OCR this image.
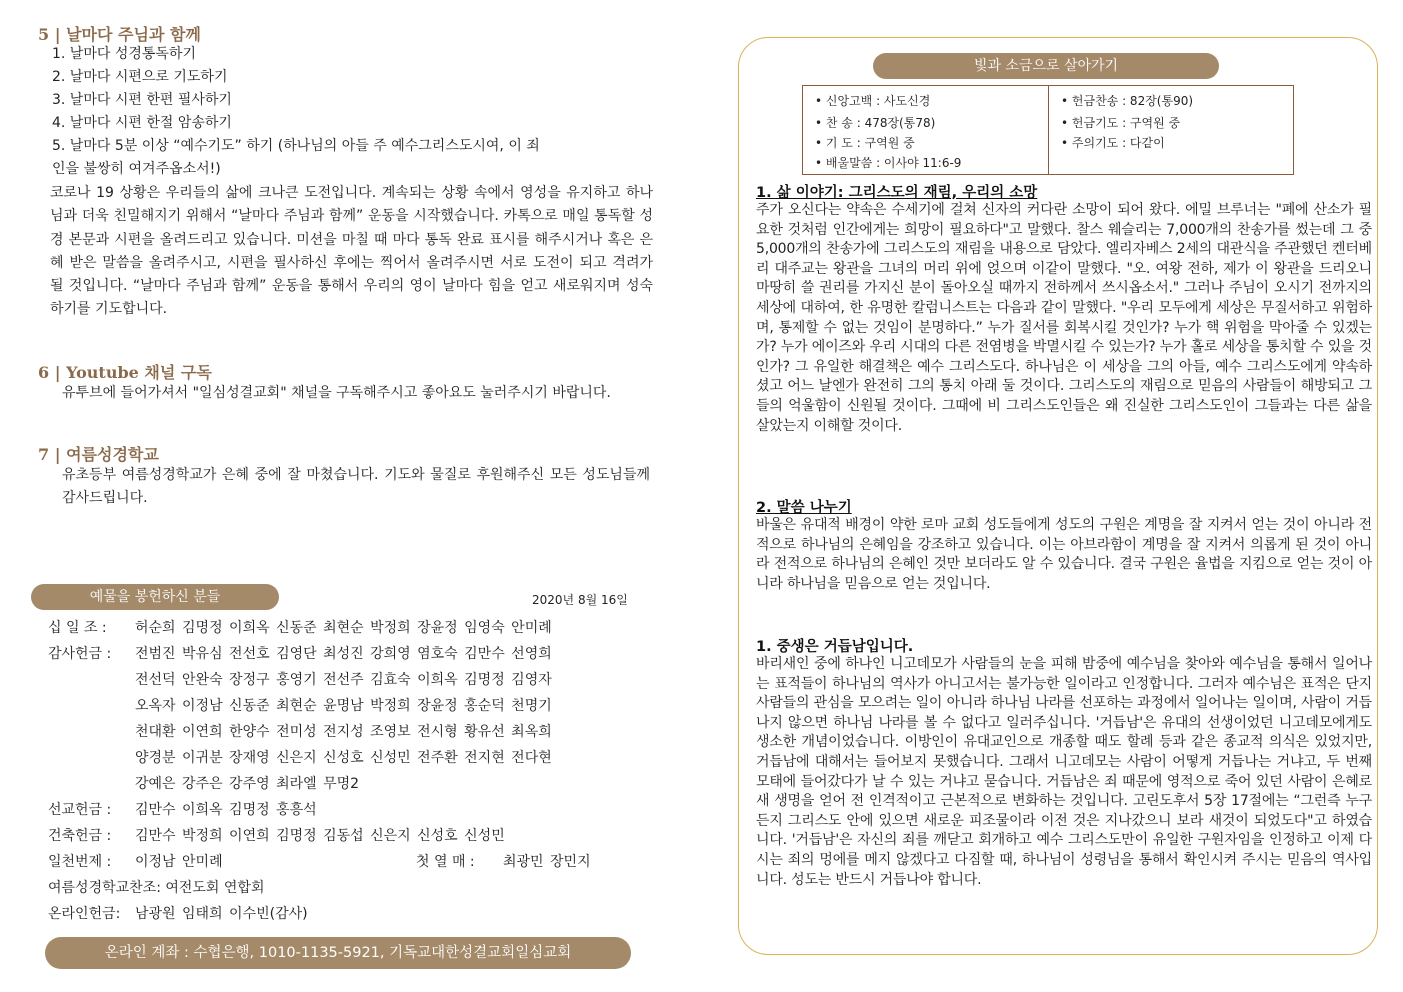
5 | 날마다 주님과 함께
1. 날마다 성경통독하기
2. 날마다 시편으로 기도하기
3. 날마다 시편 한편 필사하기
4. 날마다 시편 한절 암송하기
5. 날마다 5분 이상 “예수기도” 하기 (하나님의 아들 주 예수그리스도시여, 이 죄
인을 불쌍히 여겨주옵소서!)
코로나 19 상황은 우리들의 삶에 크나큰 도전입니다. 계속되는 상황 속에서 영성을 유지하고 하나님과 더욱 친밀해지기 위해서 “날마다 주님과 함께” 운동을 시작했습니다. 카톡으로 매일 통독할 성경 본문과 시편을 올려드리고 있습니다. 미션을 마칠 때 마다 통독 완료 표시를 해주시거나 혹은 은혜 받은 말씀을 올려주시고, 시편을 필사하신 후에는 찍어서 올려주시면 서로 도전이 되고 격려가 될 것입니다. “날마다 주님과 함께” 운동을 통해서 우리의 영이 날마다 힘을 얻고 새로워지며 성숙하기를 기도합니다.
6 | Youtube 채널 구독
유투브에 들어가셔서 "일심성결교회" 채널을 구독해주시고 좋아요도 눌러주시기 바랍니다.
7 | 여름성경학교
유초등부 여름성경학교가 은혜 중에 잘 마쳤습니다. 기도와 물질로 후원해주신 모든 성도님들께 감사드립니다.
예물을 봉헌하신 분들	2020년 8월 16일
십 일 조 : 허순희 김명정 이희옥 신동준 최현순 박정희 장윤정 임영숙 안미례
감사헌금 : 전범진 박유심 전선호 김영단 최성진 강희영 염호숙 김만수 선영희
전선덕 안완숙 장정구 홍영기 전선주 김효숙 이희옥 김명정 김영자
오옥자 이정남 신동준 최현순 윤명남 박정희 장윤정 홍순덕 천명기
천대환 이연희 한양수 전미성 전지성 조영보 전시형 황유선 최옥희
양경분 이귀분 장재영 신은지 신성호 신성민 전주환 전지현 전다현
강예은 강주은 강주영 최라엘 무명2
선교헌금 : 김만수 이희옥 김명정 홍흥석
건축헌금 : 김만수 박정희 이연희 김명정 김동섭 신은지 신성호 신성민
일천번제 : 이정남 안미례	첫 열 매 : 최광민 장민지
여름성경학교찬조: 여전도회 연합회
온라인헌금: 남광원 임태희 이수빈(감사)
온라인 계좌 : 수협은행, 1010-1135-5921, 기독교대한성결교회일심교회
빛과 소금으로 살아가기
• 신앙고백 : 사도신경
• 찬 송 : 478장(통78)
• 기 도 : 구역원 중
• 배울말씀 : 이사야 11:6-9
• 헌금찬송 : 82장(통90)
• 헌금기도 : 구역원 중
• 주의기도 : 다같이
1. 삶 이야기: 그리스도의 재림, 우리의 소망
주가 오신다는 약속은 수세기에 걸쳐 신자의 커다란 소망이 되어 왔다. 에밀 브루너는 "폐에 산소가 필요한 것처럼 인간에게는 희망이 필요하다"고 말했다. 찰스 웨슬리는 7,000개의 찬송가를 썼는데 그 중 5,000개의 찬송가에 그리스도의 재림을 내용으로 담았다. 엘리자베스 2세의 대관식을 주관했던 켄터베리 대주교는 왕관을 그녀의 머리 위에 얹으며 이같이 말했다. "오. 여왕 전하, 제가 이 왕관을 드리오니 마땅히 쓸 권리를 가지신 분이 돌아오실 때까지 전하께서 쓰시옵소서." 그러나 주님이 오시기 전까지의 세상에 대하여, 한 유명한 칼럼니스트는 다음과 같이 말했다. "우리 모두에게 세상은 무질서하고 위험하며, 통제할 수 없는 것임이 분명하다.” 누가 질서를 회복시킬 것인가? 누가 핵 위험을 막아줄 수 있겠는가? 누가 에이즈와 우리 시대의 다른 전염병을 박멸시킬 수 있는가? 누가 홀로 세상을 통치할 수 있을 것인가? 그 유일한 해결책은 예수 그리스도다. 하나님은 이 세상을 그의 아들, 예수 그리스도에게 약속하셨고 어느 날엔가 완전히 그의 통치 아래 둘 것이다. 그리스도의 재림으로 믿음의 사람들이 해방되고 그들의 억울함이 신원될 것이다. 그때에 비 그리스도인들은 왜 진실한 그리스도인이 그들과는 다른 삶을 살았는지 이해할 것이다.
2. 말씀 나누기
바울은 유대적 배경이 약한 로마 교회 성도들에게 성도의 구원은 계명을 잘 지켜서 얻는 것이 아니라 전적으로 하나님의 은혜임을 강조하고 있습니다. 이는 아브라함이 계명을 잘 지켜서 의롭게 된 것이 아니라 전적으로 하나님의 은혜인 것만 보더라도 알 수 있습니다. 결국 구원은 율법을 지킴으로 얻는 것이 아니라 하나님을 믿음으로 얻는 것입니다.
1. 중생은 거듭남입니다.
바리새인 중에 하나인 니고데모가 사람들의 눈을 피해 밤중에 예수님을 찾아와 예수님을 통해서 일어나는 표적들이 하나님의 역사가 아니고서는 불가능한 일이라고 인정합니다. 그러자 예수님은 표적은 단지 사람들의 관심을 모으려는 일이 아니라 하나님 나라를 선포하는 과정에서 일어나는 일이며, 사람이 거듭나지 않으면 하나님 나라를 볼 수 없다고 일러주십니다. '거듭남'은 유대의 선생이었던 니고데모에게도 생소한 개념이었습니다. 이방인이 유대교인으로 개종할 때도 할례 등과 같은 종교적 의식은 있었지만, 거듭남에 대해서는 들어보지 못했습니다. 그래서 니고데모는 사람이 어떻게 거듭나는 거냐고, 두 번째 모태에 들어갔다가 날 수 있는 거냐고 묻습니다. 거듭남은 죄 때문에 영적으로 죽어 있던 사람이 은혜로 새 생명을 얻어 전 인격적이고 근본적으로 변화하는 것입니다. 고린도후서 5장 17절에는 “그런즉 누구든지 그리스도 안에 있으면 새로운 피조물이라 이전 것은 지나갔으니 보라 새것이 되었도다"고 하였습니다. '거듭남'은 자신의 죄를 깨닫고 회개하고 예수 그리스도만이 유일한 구원자임을 인정하고 이제 다시는 죄의 멍에를 메지 않겠다고 다짐할 때, 하나님이 성령님을 통해서 확인시켜 주시는 믿음의 역사입니다. 성도는 반드시 거듭나야 합니다.
